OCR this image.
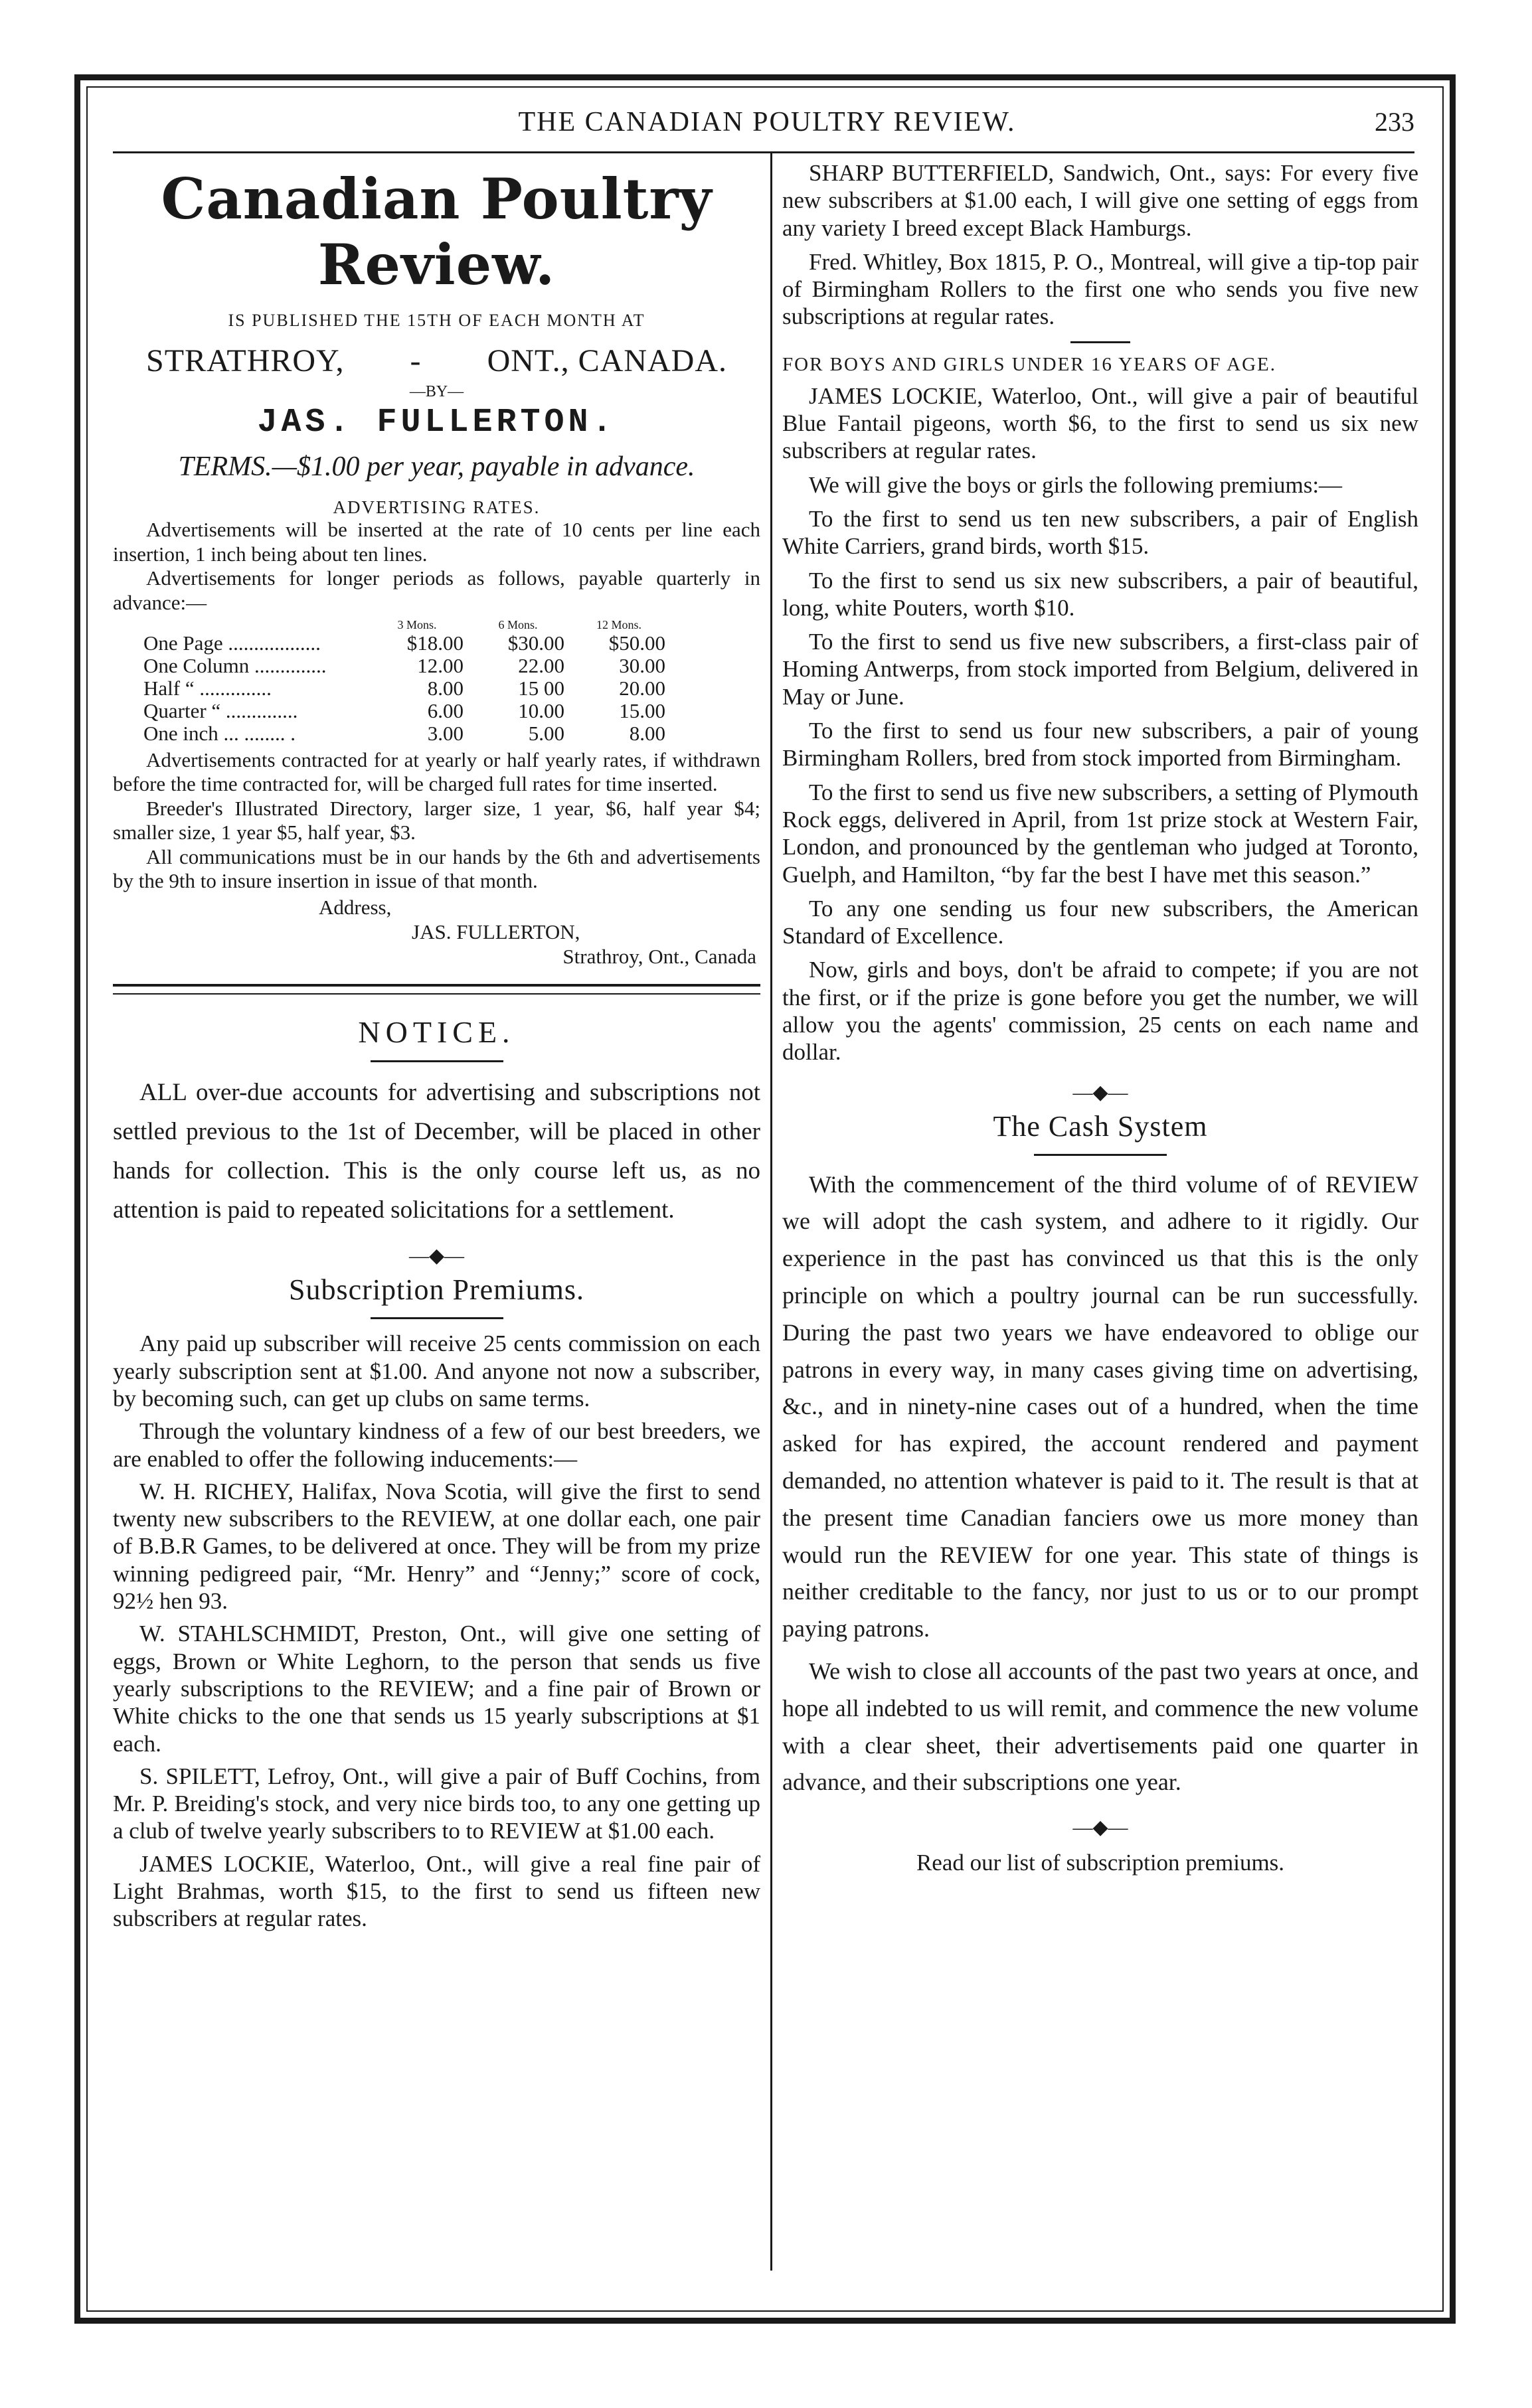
THE CANADIAN POULTRY REVIEW.	233
Canadian Poultry Review.
IS PUBLISHED THE 15TH OF EACH MONTH AT
STRATHROY, - ONT., CANADA.
—BY—
JAS. FULLERTON.
TERMS.—$1.00 per year, payable in advance.
ADVERTISING RATES.

Advertisements will be inserted at the rate of 10 cents per line each insertion, 1 inch being about ten lines.

Advertisements for longer periods as follows, payable quarterly in advance:—

	3 Mons.	6 Mons.	12 Mons.
One Page ..................	$18.00	$30.00	$50.00
One Column ..............	12.00	22.00	30.00
Half “ ..............	8.00	15 00	20.00
Quarter “ ..............	6.00	10.00	15.00
One inch ... ........ .	3.00	5.00	8.00

Advertisements contracted for at yearly or half yearly rates, if withdrawn before the time contracted for, will be charged full rates for time inserted.

Breeder's Illustrated Directory, larger size, 1 year, $6, half year $4; smaller size, 1 year $5, half year, $3.

All communications must be in our hands by the 6th and advertisements by the 9th to insure insertion in issue of that month.

Address,
JAS. FULLERTON,
Strathroy, Ont., Canada
NOTICE.

ALL over-due accounts for advertising and subscriptions not settled previous to the 1st of December, will be placed in other hands for collection. This is the only course left us, as no attention is paid to repeated solicitations for a settlement.

—◆—
Subscription Premiums.

Any paid up subscriber will receive 25 cents commission on each yearly subscription sent at $1.00. And anyone not now a subscriber, by becoming such, can get up clubs on same terms.

Through the voluntary kindness of a few of our best breeders, we are enabled to offer the following inducements:—

W. H. RICHEY, Halifax, Nova Scotia, will give the first to send twenty new subscribers to the REVIEW, at one dollar each, one pair of B.B.R Games, to be delivered at once. They will be from my prize winning pedigreed pair, “Mr. Henry” and “Jenny;” score of cock, 92½ hen 93.

W. STAHLSCHMIDT, Preston, Ont., will give one setting of eggs, Brown or White Leghorn, to the person that sends us five yearly subscriptions to the REVIEW; and a fine pair of Brown or White chicks to the one that sends us 15 yearly subscriptions at $1 each.

S. SPILETT, Lefroy, Ont., will give a pair of Buff Cochins, from Mr. P. Breiding's stock, and very nice birds too, to any one getting up a club of twelve yearly subscribers to to REVIEW at $1.00 each.

JAMES LOCKIE, Waterloo, Ont., will give a real fine pair of Light Brahmas, worth $15, to the first to send us fifteen new subscribers at regular rates.

SHARP BUTTERFIELD, Sandwich, Ont., says: For every five new subscribers at $1.00 each, I will give one setting of eggs from any variety I breed except Black Hamburgs.

Fred. Whitley, Box 1815, P. O., Montreal, will give a tip-top pair of Birmingham Rollers to the first one who sends you five new subscriptions at regular rates.

FOR BOYS AND GIRLS UNDER 16 YEARS OF AGE.

JAMES LOCKIE, Waterloo, Ont., will give a pair of beautiful Blue Fantail pigeons, worth $6, to the first to send us six new subscribers at regular rates.

We will give the boys or girls the following premiums:—

To the first to send us ten new subscribers, a pair of English White Carriers, grand birds, worth $15.

To the first to send us six new subscribers, a pair of beautiful, long, white Pouters, worth $10.

To the first to send us five new subscribers, a first-class pair of Homing Antwerps, from stock imported from Belgium, delivered in May or June.

To the first to send us four new subscribers, a pair of young Birmingham Rollers, bred from stock imported from Birmingham.

To the first to send us five new subscribers, a setting of Plymouth Rock eggs, delivered in April, from 1st prize stock at Western Fair, London, and pronounced by the gentleman who judged at Toronto, Guelph, and Hamilton, “by far the best I have met this season.”

To any one sending us four new subscribers, the American Standard of Excellence.

Now, girls and boys, don't be afraid to compete; if you are not the first, or if the prize is gone before you get the number, we will allow you the agents' commission, 25 cents on each name and dollar.

—◆—
The Cash System

With the commencement of the third volume of of REVIEW we will adopt the cash system, and adhere to it rigidly. Our experience in the past has convinced us that this is the only principle on which a poultry journal can be run successfully. During the past two years we have endeavored to oblige our patrons in every way, in many cases giving time on advertising, &c., and in ninety-nine cases out of a hundred, when the time asked for has expired, the account rendered and payment demanded, no attention whatever is paid to it. The result is that at the present time Canadian fanciers owe us more money than would run the REVIEW for one year. This state of things is neither creditable to the fancy, nor just to us or to our prompt paying patrons.

We wish to close all accounts of the past two years at once, and hope all indebted to us will remit, and commence the new volume with a clear sheet, their advertisements paid one quarter in advance, and their subscriptions one year.

—◆—
Read our list of subscription premiums.
